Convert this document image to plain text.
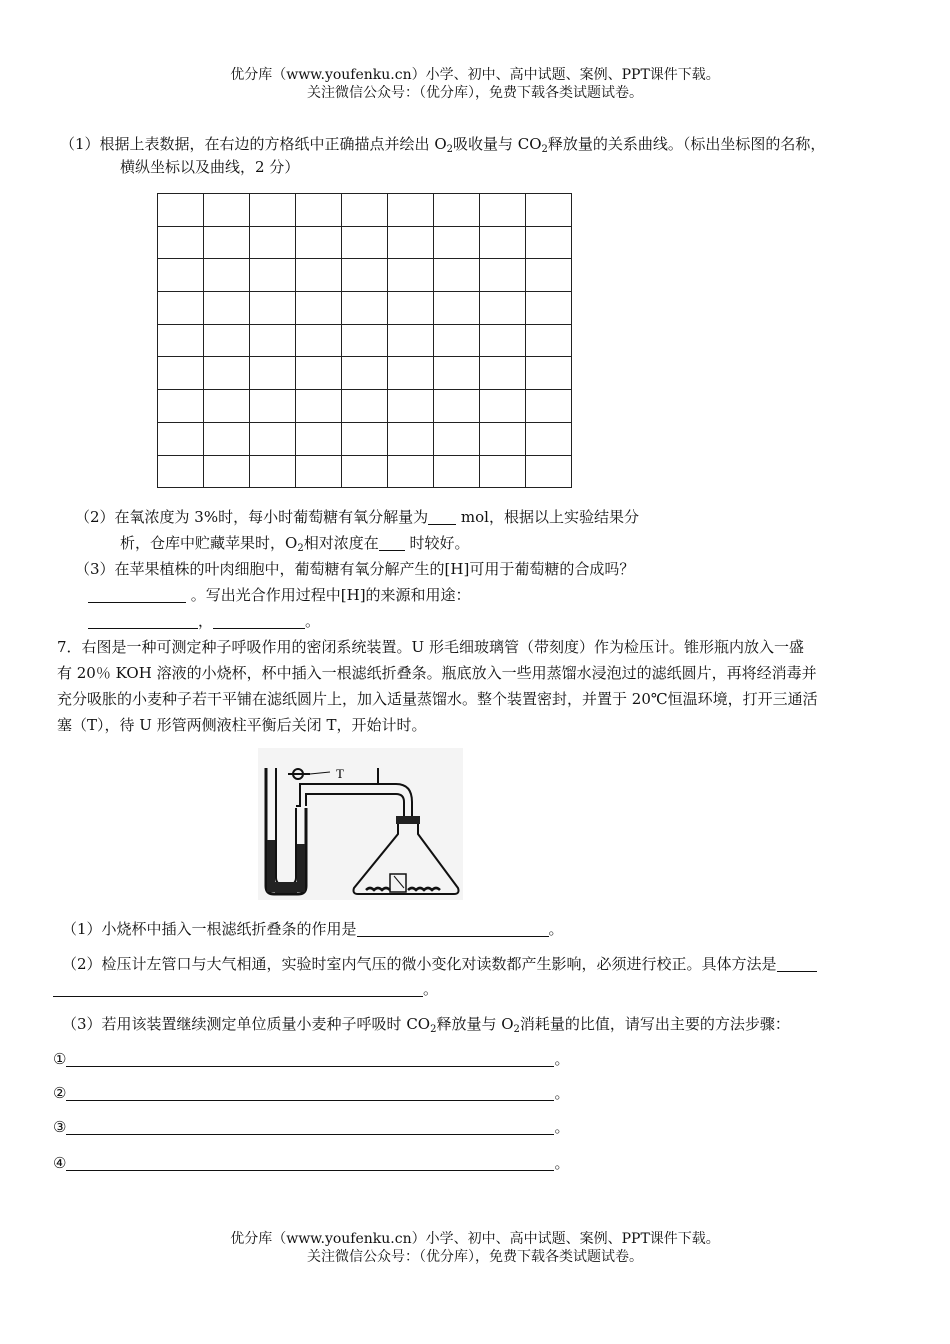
优分库（www.youfenku.cn）小学、初中、高中试题、案例、PPT课件下载。
关注微信公众号：（优分库），免费下载各类试题试卷。
（1）根据上表数据，在右边的方格纸中正确描点并绘出 $O_2$吸收量与 $CO_2$释放量的关系曲线。（标出坐标图的名称，
横纵坐标以及曲线，2 分）

（2）在氧浓度为 3%时，每小时葡萄糖有氧分解量为 mol，根据以上实验结果分
析，仓库中贮藏苹果时，$O_2$相对浓度在 时较好。
（3）在苹果植株的叶肉细胞中，葡萄糖有氧分解产生的[H]可用于葡萄糖的合成吗？
。写出光合作用过程中[H]的来源和用途：
，	。
7．右图是一种可测定种子呼吸作用的密闭系统装置。U 形毛细玻璃管（带刻度）作为检压计。锥形瓶内放入一盛
有 20％ KOH 溶液的小烧杯，杯中插入一根滤纸折叠条。瓶底放入一些用蒸馏水浸泡过的滤纸圆片，再将经消毒并
充分吸胀的小麦种子若干平铺在滤纸圆片上，加入适量蒸馏水。整个装置密封，并置于 20℃恒温环境，打开三通活
塞（T），待 U 形管两侧液柱平衡后关闭 T，开始计时。
T
（1）小烧杯中插入一根滤纸折叠条的作用是	。
（2）检压计左管口与大气相通，实验时室内气压的微小变化对读数都产生影响，必须进行校正。具体方法是
。
（3）若用该装置继续测定单位质量小麦种子呼吸时 $CO_2$释放量与 $O_2$消耗量的比值，请写出主要的方法步骤：
①	。
②	。
③	。
④	。
优分库（www.youfenku.cn）小学、初中、高中试题、案例、PPT课件下载。
关注微信公众号：（优分库），免费下载各类试题试卷。
